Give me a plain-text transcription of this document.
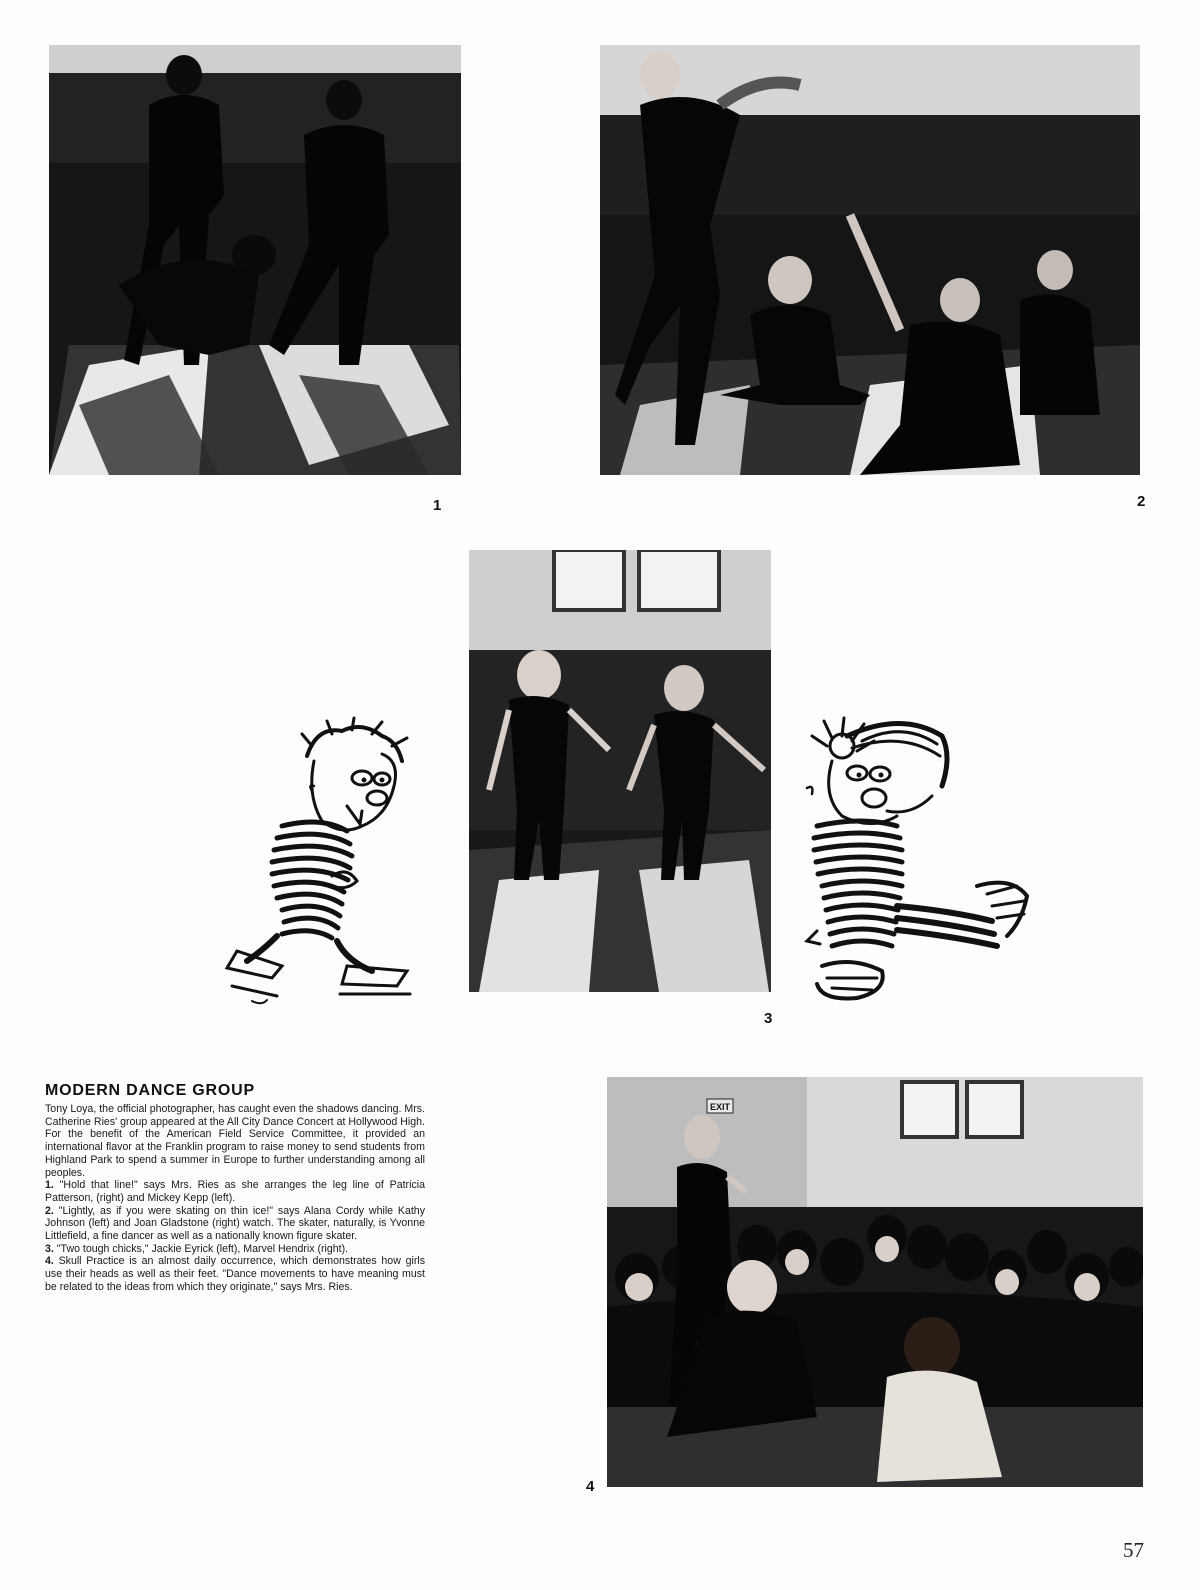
1	2
3
MODERN DANCE GROUP

Tony Loya, the official photographer, has caught even the shadows dancing. Mrs. Catherine Ries' group appeared at the All City Dance Concert at Hollywood High. For the benefit of the American Field Service Committee, it provided an international flavor at the Franklin program to raise money to send students from Highland Park to spend a summer in Europe to further understanding among all peoples.

1. "Hold that line!" says Mrs. Ries as she arranges the leg line of Patricia Patterson, (right) and Mickey Kepp (left).

2. "Lightly, as if you were skating on thin ice!" says Alana Cordy while Kathy Johnson (left) and Joan Gladstone (right) watch. The skater, naturally, is Yvonne Littlefield, a fine dancer as well as a nationally known figure skater.

3. "Two tough chicks," Jackie Eyrick (left), Marvel Hendrix (right).

4. Skull Practice is an almost daily occurrence, which demonstrates how girls use their heads as well as their feet. "Dance movements to have meaning must be related to the ideas from which they originate," says Mrs. Ries.

EXIT
4
57
